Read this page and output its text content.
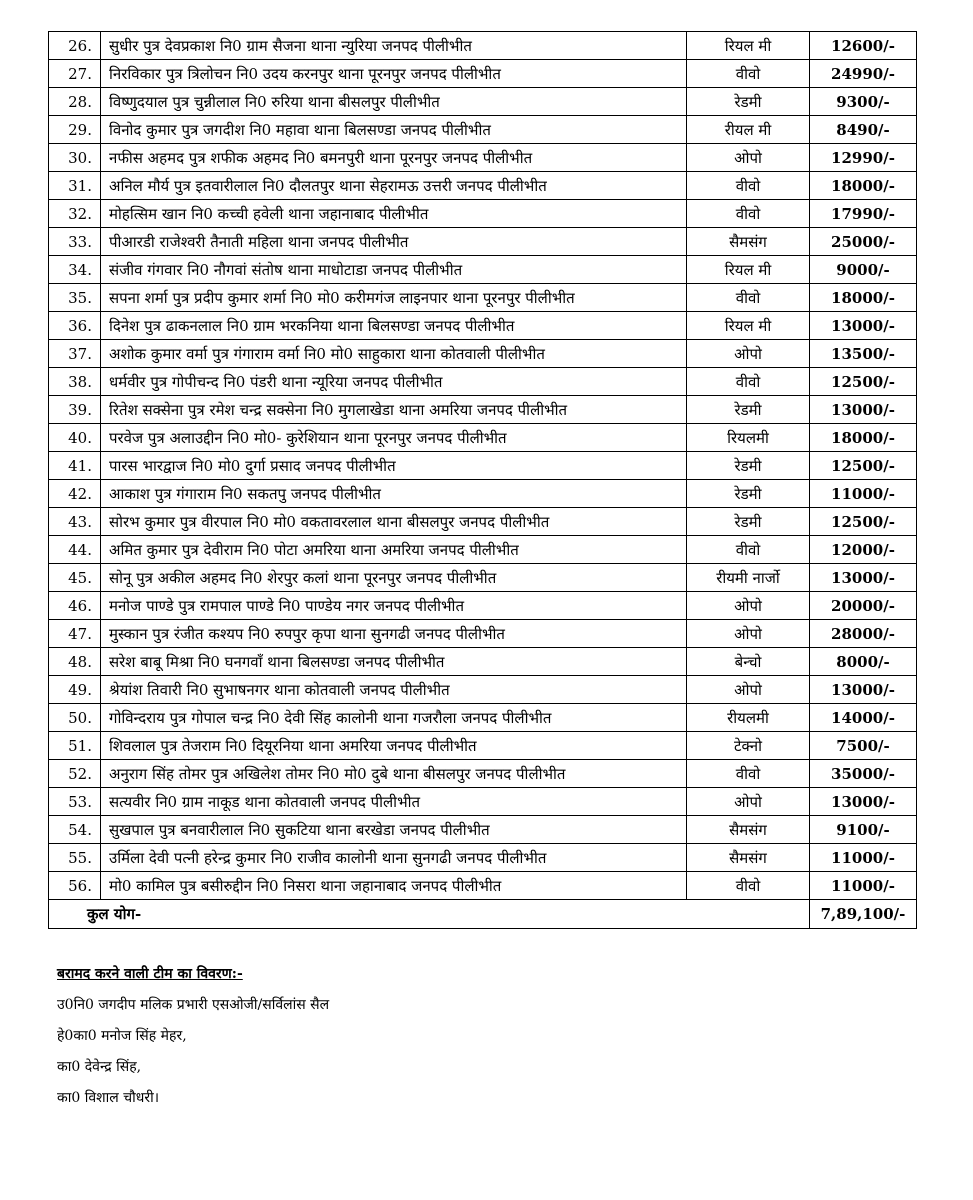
26.	सुधीर पुत्र देवप्रकाश नि0 ग्राम सैजना थाना न्युरिया जनपद पीलीभीत	रियल मी	12600/-
27.	निरविकार पुत्र त्रिलोचन नि0 उदय करनपुर थाना पूरनपुर जनपद पीलीभीत	वीवो	24990/-
28.	विष्णुदयाल पुत्र चुन्नीलाल नि0 रुरिया थाना बीसलपुर पीलीभीत	रेडमी	9300/-
29.	विनोद कुमार पुत्र जगदीश नि0 महावा थाना बिलसण्डा जनपद पीलीभीत	रीयल मी	8490/-
30.	नफीस अहमद पुत्र शफीक अहमद नि0 बमनपुरी थाना पूरनपुर जनपद पीलीभीत	ओपो	12990/-
31.	अनिल मौर्य पुत्र इतवारीलाल नि0 दौलतपुर थाना सेहरामऊ उत्तरी जनपद पीलीभीत	वीवो	18000/-
32.	मोहत्सिम खान नि0 कच्ची हवेली थाना जहानाबाद पीलीभीत	वीवो	17990/-
33.	पीआरडी राजेश्वरी तैनाती महिला थाना जनपद पीलीभीत	सैमसंग	25000/-
34.	संजीव गंगवार नि0 नौगवां संतोष थाना माधोटाडा जनपद पीलीभीत	रियल मी	9000/-
35.	सपना शर्मा पुत्र प्रदीप कुमार शर्मा नि0 मो0 करीमगंज लाइनपार थाना पूरनपुर पीलीभीत	वीवो	18000/-
36.	दिनेश पुत्र ढाकनलाल नि0 ग्राम भरकनिया थाना बिलसण्डा जनपद पीलीभीत	रियल मी	13000/-
37.	अशोक कुमार वर्मा पुत्र गंगाराम वर्मा नि0 मो0 साहुकारा थाना कोतवाली पीलीभीत	ओपो	13500/-
38.	धर्मवीर पुत्र गोपीचन्द नि0 पंडरी थाना न्यूरिया जनपद पीलीभीत	वीवो	12500/-
39.	रितेश सक्सेना पुत्र रमेश चन्द्र सक्सेना नि0 मुगलाखेडा थाना अमरिया जनपद पीलीभीत	रेडमी	13000/-
40.	परवेज पुत्र अलाउद्दीन नि0 मो0- कुरेशियान थाना पूरनपुर जनपद पीलीभीत	रियलमी	18000/-
41.	पारस भारद्वाज नि0 मो0 दुर्गा प्रसाद जनपद पीलीभीत	रेडमी	12500/-
42.	आकाश पुत्र गंगाराम नि0 सकतपु जनपद पीलीभीत	रेडमी	11000/-
43.	सोरभ कुमार पुत्र वीरपाल नि0 मो0 वकतावरलाल थाना बीसलपुर जनपद पीलीभीत	रेडमी	12500/-
44.	अमित कुमार पुत्र देवीराम नि0 पोटा अमरिया थाना अमरिया जनपद पीलीभीत	वीवो	12000/-
45.	सोनू पुत्र अकील अहमद नि0 शेरपुर कलां थाना पूरनपुर जनपद पीलीभीत	रीयमी नार्जो	13000/-
46.	मनोज पाण्डे पुत्र रामपाल पाण्डे नि0 पाण्डेय नगर जनपद पीलीभीत	ओपो	20000/-
47.	मुस्कान पुत्र रंजीत कश्यप नि0 रुपपुर कृपा थाना सुनगढी जनपद पीलीभीत	ओपो	28000/-
48.	सरेश बाबू मिश्रा नि0 घनगवाँ थाना बिलसण्डा जनपद पीलीभीत	बेन्चो	8000/-
49.	श्रेयांश तिवारी नि0 सुभाषनगर थाना कोतवाली जनपद पीलीभीत	ओपो	13000/-
50.	गोविन्दराय पुत्र गोपाल चन्द्र नि0 देवी सिंह कालोनी थाना गजरौला जनपद पीलीभीत	रीयलमी	14000/-
51.	शिवलाल पुत्र तेजराम नि0 दियूरनिया थाना अमरिया जनपद पीलीभीत	टेक्नो	7500/-
52.	अनुराग सिंह तोमर पुत्र अखिलेश तोमर नि0 मो0 दुबे थाना बीसलपुर जनपद पीलीभीत	वीवो	35000/-
53.	सत्यवीर नि0 ग्राम नाकूड थाना कोतवाली जनपद पीलीभीत	ओपो	13000/-
54.	सुखपाल पुत्र बनवारीलाल नि0 सुकटिया थाना बरखेडा जनपद पीलीभीत	सैमसंग	9100/-
55.	उर्मिला देवी पत्नी हरेन्द्र कुमार नि0 राजीव कालोनी थाना सुनगढी जनपद पीलीभीत	सैमसंग	11000/-
56.	मो0 कामिल पुत्र बसीरुद्दीन नि0 निसरा थाना जहानाबाद जनपद पीलीभीत	वीवो	11000/-
कुल योग-			7,89,100/-
बरामद करने वाली टीम का विवरण:-
उ0नि0 जगदीप मलिक प्रभारी एसओजी/सर्विलांस सैल
हे0का0 मनोज सिंह मेहर,
का0 देवेन्द्र सिंह,
का0 विशाल चौधरी।
